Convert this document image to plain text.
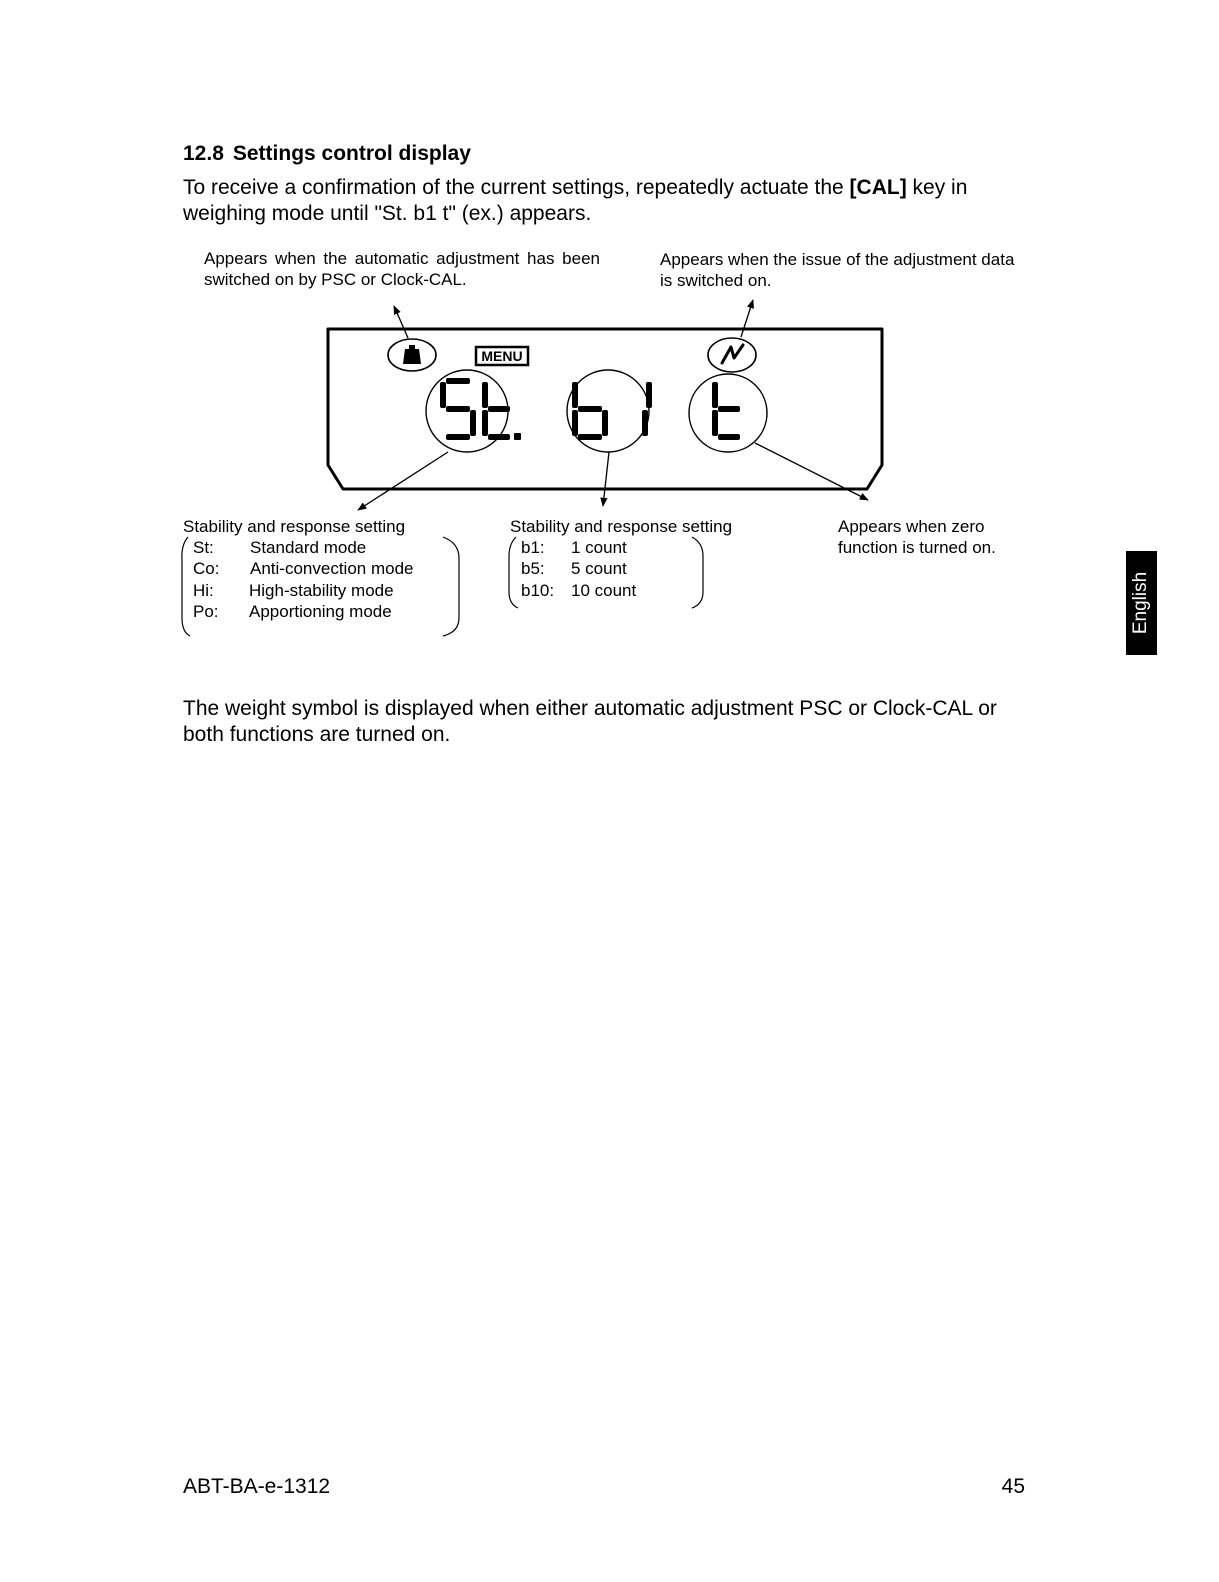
12.8 Settings control display
To receive a confirmation of the current settings, repeatedly actuate the [CAL] key in weighing mode until "St. b1 t" (ex.) appears.
Appears when the automatic adjustment has been switched on by PSC or Clock-CAL.
Appears when the issue of the adjustment data is switched on.
MENU
Stability and response setting
St: Standard mode
Co: Anti-convection mode
Hi: High-stability mode
Po: Apportioning mode
Stability and response setting
b1: 1 count
b5: 5 count
b10: 10 count
Appears when zero function is turned on.
The weight symbol is displayed when either automatic adjustment PSC or Clock-CAL or both functions are turned on.
English
ABT-BA-e-1312	45
